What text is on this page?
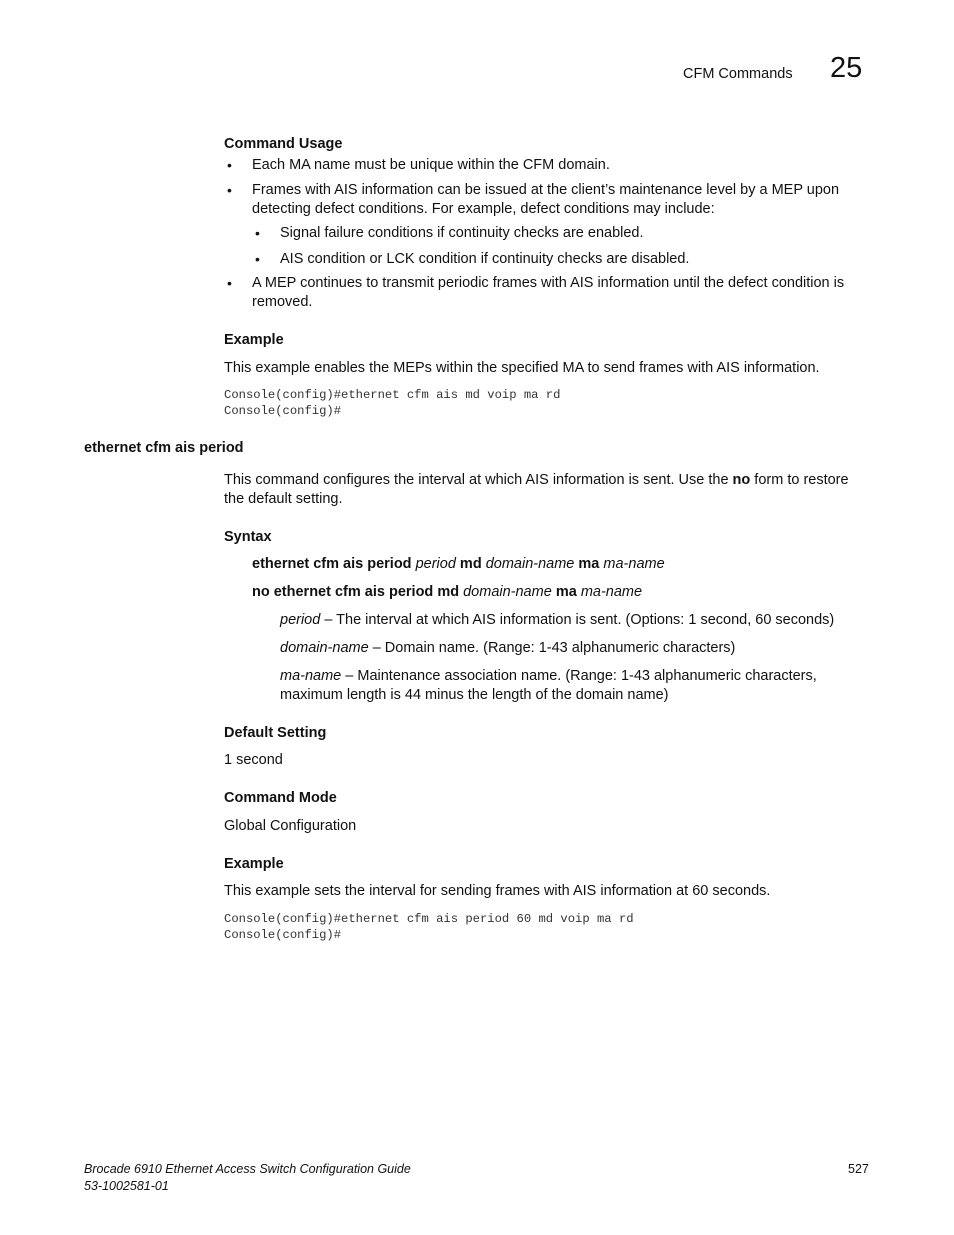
CFM Commands 25
Command Usage
• Each MA name must be unique within the CFM domain.
• Frames with AIS information can be issued at the client’s maintenance level by a MEP upon
detecting defect conditions. For example, defect conditions may include:
• Signal failure conditions if continuity checks are enabled.
• AIS condition or LCK condition if continuity checks are disabled.
• A MEP continues to transmit periodic frames with AIS information until the defect condition is
removed.
Example
This example enables the MEPs within the specified MA to send frames with AIS information.
Console(config)#ethernet cfm ais md voip ma rd
Console(config)#
ethernet cfm ais period
This command configures the interval at which AIS information is sent. Use the no form to restore
the default setting.
Syntax
ethernet cfm ais period period md domain-name ma ma-name
no ethernet cfm ais period md domain-name ma ma-name
period – The interval at which AIS information is sent. (Options: 1 second, 60 seconds)
domain-name – Domain name. (Range: 1-43 alphanumeric characters)
ma-name – Maintenance association name. (Range: 1-43 alphanumeric characters,
maximum length is 44 minus the length of the domain name)
Default Setting
1 second
Command Mode
Global Configuration
Example
This example sets the interval for sending frames with AIS information at 60 seconds.
Console(config)#ethernet cfm ais period 60 md voip ma rd
Console(config)#
Brocade 6910 Ethernet Access Switch Configuration Guide
53-1002581-01
527
